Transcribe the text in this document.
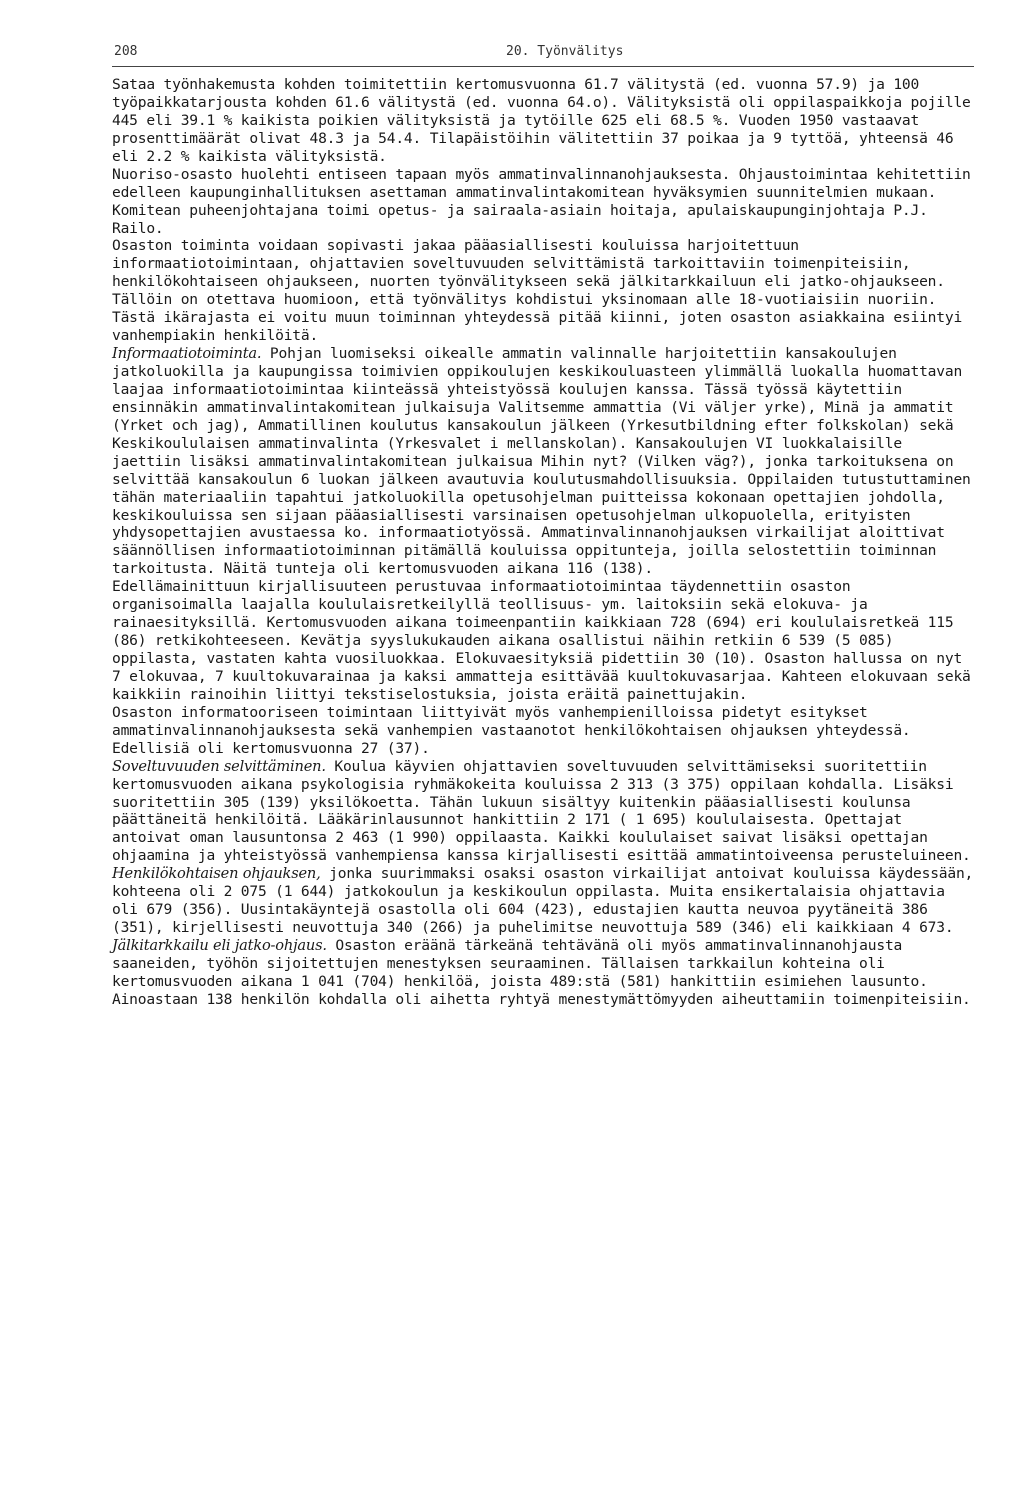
208	20. Työnvälitys

Sataa työnhakemusta kohden toimitettiin kertomusvuonna 61.7 välitystä (ed. vuonna 57.9) ja 100 työpaikkatarjousta kohden 61.6 välitystä (ed. vuonna 64.o). Välityksistä oli oppilaspaikkoja pojille 445 eli 39.1 % kaikista poikien välityksistä ja tytöille 625 eli 68.5 %. Vuoden 1950 vastaavat prosenttimäärät olivat 48.3 ja 54.4. Tilapäistöihin välitettiin 37 poikaa ja 9 tyttöä, yhteensä 46 eli 2.2 % kaikista välityksistä.

Nuoriso-osasto huolehti entiseen tapaan myös ammatinvalinnanohjauksesta. Ohjaustoimintaa kehitettiin edelleen kaupunginhallituksen asettaman ammatinvalintakomitean hyväksymien suunnitelmien mukaan. Komitean puheenjohtajana toimi opetus- ja sairaala-asiain hoitaja, apulaiskaupunginjohtaja P.J. Railo.

Osaston toiminta voidaan sopivasti jakaa pääasiallisesti kouluissa harjoitettuun informaatiotoimintaan, ohjattavien soveltuvuuden selvittämistä tarkoittaviin toimenpiteisiin, henkilökohtaiseen ohjaukseen, nuorten työnvälitykseen sekä jälkitarkkailuun eli jatko-ohjaukseen. Tällöin on otettava huomioon, että työnvälitys kohdistui yksinomaan alle 18-vuotiaisiin nuoriin. Tästä ikärajasta ei voitu muun toiminnan yhteydessä pitää kiinni, joten osaston asiakkaina esiintyi vanhempiakin henkilöitä.

Informaatiotoiminta. Pohjan luomiseksi oikealle ammatin valinnalle harjoitettiin kansakoulujen jatkoluokilla ja kaupungissa toimivien oppikoulujen keskikouluasteen ylimmällä luokalla huomattavan laajaa informaatiotoimintaa kiinteässä yhteistyössä koulujen kanssa. Tässä työssä käytettiin ensinnäkin ammatinvalintakomitean julkaisuja Valitsemme ammattia (Vi väljer yrke), Minä ja ammatit (Yrket och jag), Ammatillinen koulutus kansakoulun jälkeen (Yrkesutbildning efter folkskolan) sekä Keskikoululaisen ammatinvalinta (Yrkesvalet i mellanskolan). Kansakoulujen VI luokkalaisille jaettiin lisäksi ammatinvalintakomitean julkaisua Mihin nyt? (Vilken väg?), jonka tarkoituksena on selvittää kansakoulun 6 luokan jälkeen avautuvia koulutusmahdollisuuksia. Oppilaiden tutustuttaminen tähän materiaaliin tapahtui jatkoluokilla opetusohjelman puitteissa kokonaan opettajien johdolla, keskikouluissa sen sijaan pääasiallisesti varsinaisen opetusohjelman ulkopuolella, erityisten yhdysopettajien avustaessa ko. informaatiotyössä. Ammatinvalinnanohjauksen virkailijat aloittivat säännöllisen informaatiotoiminnan pitämällä kouluissa oppitunteja, joilla selostettiin toiminnan tarkoitusta. Näitä tunteja oli kertomusvuoden aikana 116 (138).

Edellämainittuun kirjallisuuteen perustuvaa informaatiotoimintaa täydennettiin osaston organisoimalla laajalla koululaisretkeilyllä teollisuus- ym. laitoksiin sekä elokuva- ja rainaesityksillä. Kertomusvuoden aikana toimeenpantiin kaikkiaan 728 (694) eri koululaisretkeä 115 (86) retkikohteeseen. Kevätja syyslukukauden aikana osallistui näihin retkiin 6 539 (5 085) oppilasta, vastaten kahta vuosiluokkaa. Elokuvaesityksiä pidettiin 30 (10). Osaston hallussa on nyt 7 elokuvaa, 7 kuultokuvarainaa ja kaksi ammatteja esittävää kuultokuvasarjaa. Kahteen elokuvaan sekä kaikkiin rainoihin liittyi tekstiselostuksia, joista eräitä painettujakin.

Osaston informatooriseen toimintaan liittyivät myös vanhempienilloissa pidetyt esitykset ammatinvalinnanohjauksesta sekä vanhempien vastaanotot henkilökohtaisen ohjauksen yhteydessä. Edellisiä oli kertomusvuonna 27 (37).

Soveltuvuuden selvittäminen. Koulua käyvien ohjattavien soveltuvuuden selvittämiseksi suoritettiin kertomusvuoden aikana psykologisia ryhmäkokeita kouluissa 2 313 (3 375) oppilaan kohdalla. Lisäksi suoritettiin 305 (139) yksilökoetta. Tähän lukuun sisältyy kuitenkin pääasiallisesti koulunsa päättäneitä henkilöitä. Lääkärinlausunnot hankittiin 2 171 ( 1 695) koululaisesta. Opettajat antoivat oman lausuntonsa 2 463 (1 990) oppilaasta. Kaikki koululaiset saivat lisäksi opettajan ohjaamina ja yhteistyössä vanhempiensa kanssa kirjallisesti esittää ammatintoiveensa perusteluineen.

Henkilökohtaisen ohjauksen, jonka suurimmaksi osaksi osaston virkailijat antoivat kouluissa käydessään, kohteena oli 2 075 (1 644) jatkokoulun ja keskikoulun oppilasta. Muita ensikertalaisia ohjattavia oli 679 (356). Uusintakäyntejä osastolla oli 604 (423), edustajien kautta neuvoa pyytäneitä 386 (351), kirjellisesti neuvottuja 340 (266) ja puhelimitse neuvottuja 589 (346) eli kaikkiaan 4 673.

Jälkitarkkailu eli jatko-ohjaus. Osaston eräänä tärkeänä tehtävänä oli myös ammatinvalinnanohjausta saaneiden, työhön sijoitettujen menestyksen seuraaminen. Tällaisen tarkkailun kohteina oli kertomusvuoden aikana 1 041 (704) henkilöä, joista 489:stä (581) hankittiin esimiehen lausunto. Ainoastaan 138 henkilön kohdalla oli aihetta ryhtyä menestymättömyyden aiheuttamiin toimenpiteisiin.
